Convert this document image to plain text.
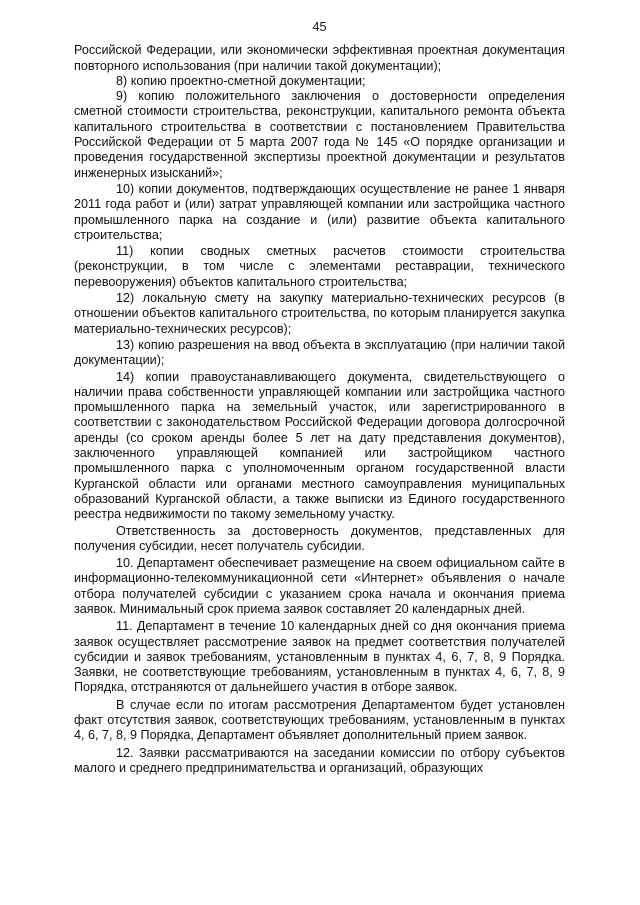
45

Российской Федерации, или экономически эффективная проектная документация повторного использования (при наличии такой документации);

8) копию проектно-сметной документации;

9) копию положительного заключения о достоверности определения сметной стоимости строительства, реконструкции, капитального ремонта объекта капитального строительства в соответствии с постановлением Правительства Российской Федерации от 5 марта 2007 года № 145 «О порядке организации и проведения государственной экспертизы проектной документации и результатов инженерных изысканий»;

10) копии документов, подтверждающих осуществление не ранее 1 января 2011 года работ и (или) затрат управляющей компании или застройщика частного промышленного парка на создание и (или) развитие объекта капитального строительства;

11) копии сводных сметных расчетов стоимости строительства (реконструкции, в том числе с элементами реставрации, технического перевооружения) объектов капитального строительства;

12) локальную смету на закупку материально-технических ресурсов (в отношении объектов капитального строительства, по которым планируется закупка материально-технических ресурсов);

13) копию разрешения на ввод объекта в эксплуатацию (при наличии такой документации);

14) копии правоустанавливающего документа, свидетельствующего о наличии права собственности управляющей компании или застройщика частного промышленного парка на земельный участок, или зарегистрированного в соответствии с законодательством Российской Федерации договора долгосрочной аренды (со сроком аренды более 5 лет на дату представления документов), заключенного управляющей компанией или застройщиком частного промышленного парка с уполномоченным органом государственной власти Курганской области или органами местного самоуправления муниципальных образований Курганской области, а также выписки из Единого государственного реестра недвижимости по такому земельному участку.

Ответственность за достоверность документов, представленных для получения субсидии, несет получатель субсидии.

10. Департамент обеспечивает размещение на своем официальном сайте в информационно-телекоммуникационной сети «Интернет» объявления о начале отбора получателей субсидии с указанием срока начала и окончания приема заявок. Минимальный срок приема заявок составляет 20 календарных дней.

11. Департамент в течение 10 календарных дней со дня окончания приема заявок осуществляет рассмотрение заявок на предмет соответствия получателей субсидии и заявок требованиям, установленным в пунктах 4, 6, 7, 8, 9 Порядка. Заявки, не соответствующие требованиям, установленным в пунктах 4, 6, 7, 8, 9 Порядка, отстраняются от дальнейшего участия в отборе заявок.

В случае если по итогам рассмотрения Департаментом будет установлен факт отсутствия заявок, соответствующих требованиям, установленным в пунктах 4, 6, 7, 8, 9 Порядка, Департамент объявляет дополнительный прием заявок.

12. Заявки рассматриваются на заседании комиссии по отбору субъектов малого и среднего предпринимательства и организаций, образующих
